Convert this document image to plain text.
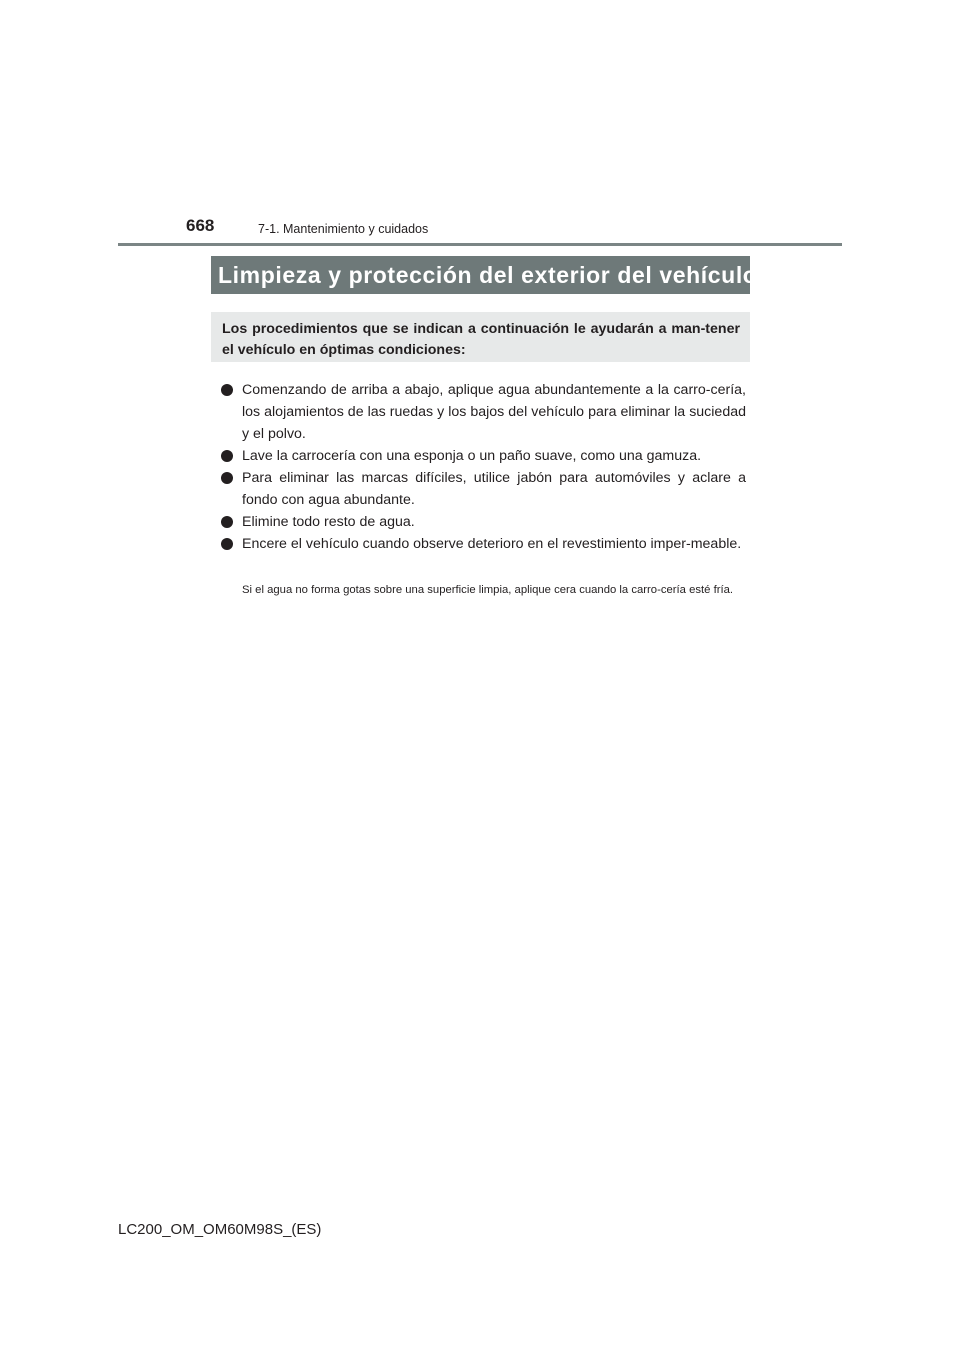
668	7-1. Mantenimiento y cuidados
Limpieza y protección del exterior del vehículo
Los procedimientos que se indican a continuación le ayudarán a man-tener el vehículo en óptimas condiciones:
Comenzando de arriba a abajo, aplique agua abundantemente a la carro-cería, los alojamientos de las ruedas y los bajos del vehículo para eliminar la suciedad y el polvo.
Lave la carrocería con una esponja o un paño suave, como una gamuza.
Para eliminar las marcas difíciles, utilice jabón para automóviles y aclare a fondo con agua abundante.
Elimine todo resto de agua.
Encere el vehículo cuando observe deterioro en el revestimiento imper-meable.
Si el agua no forma gotas sobre una superficie limpia, aplique cera cuando la carro-cería esté fría.
LC200_OM_OM60M98S_(ES)
